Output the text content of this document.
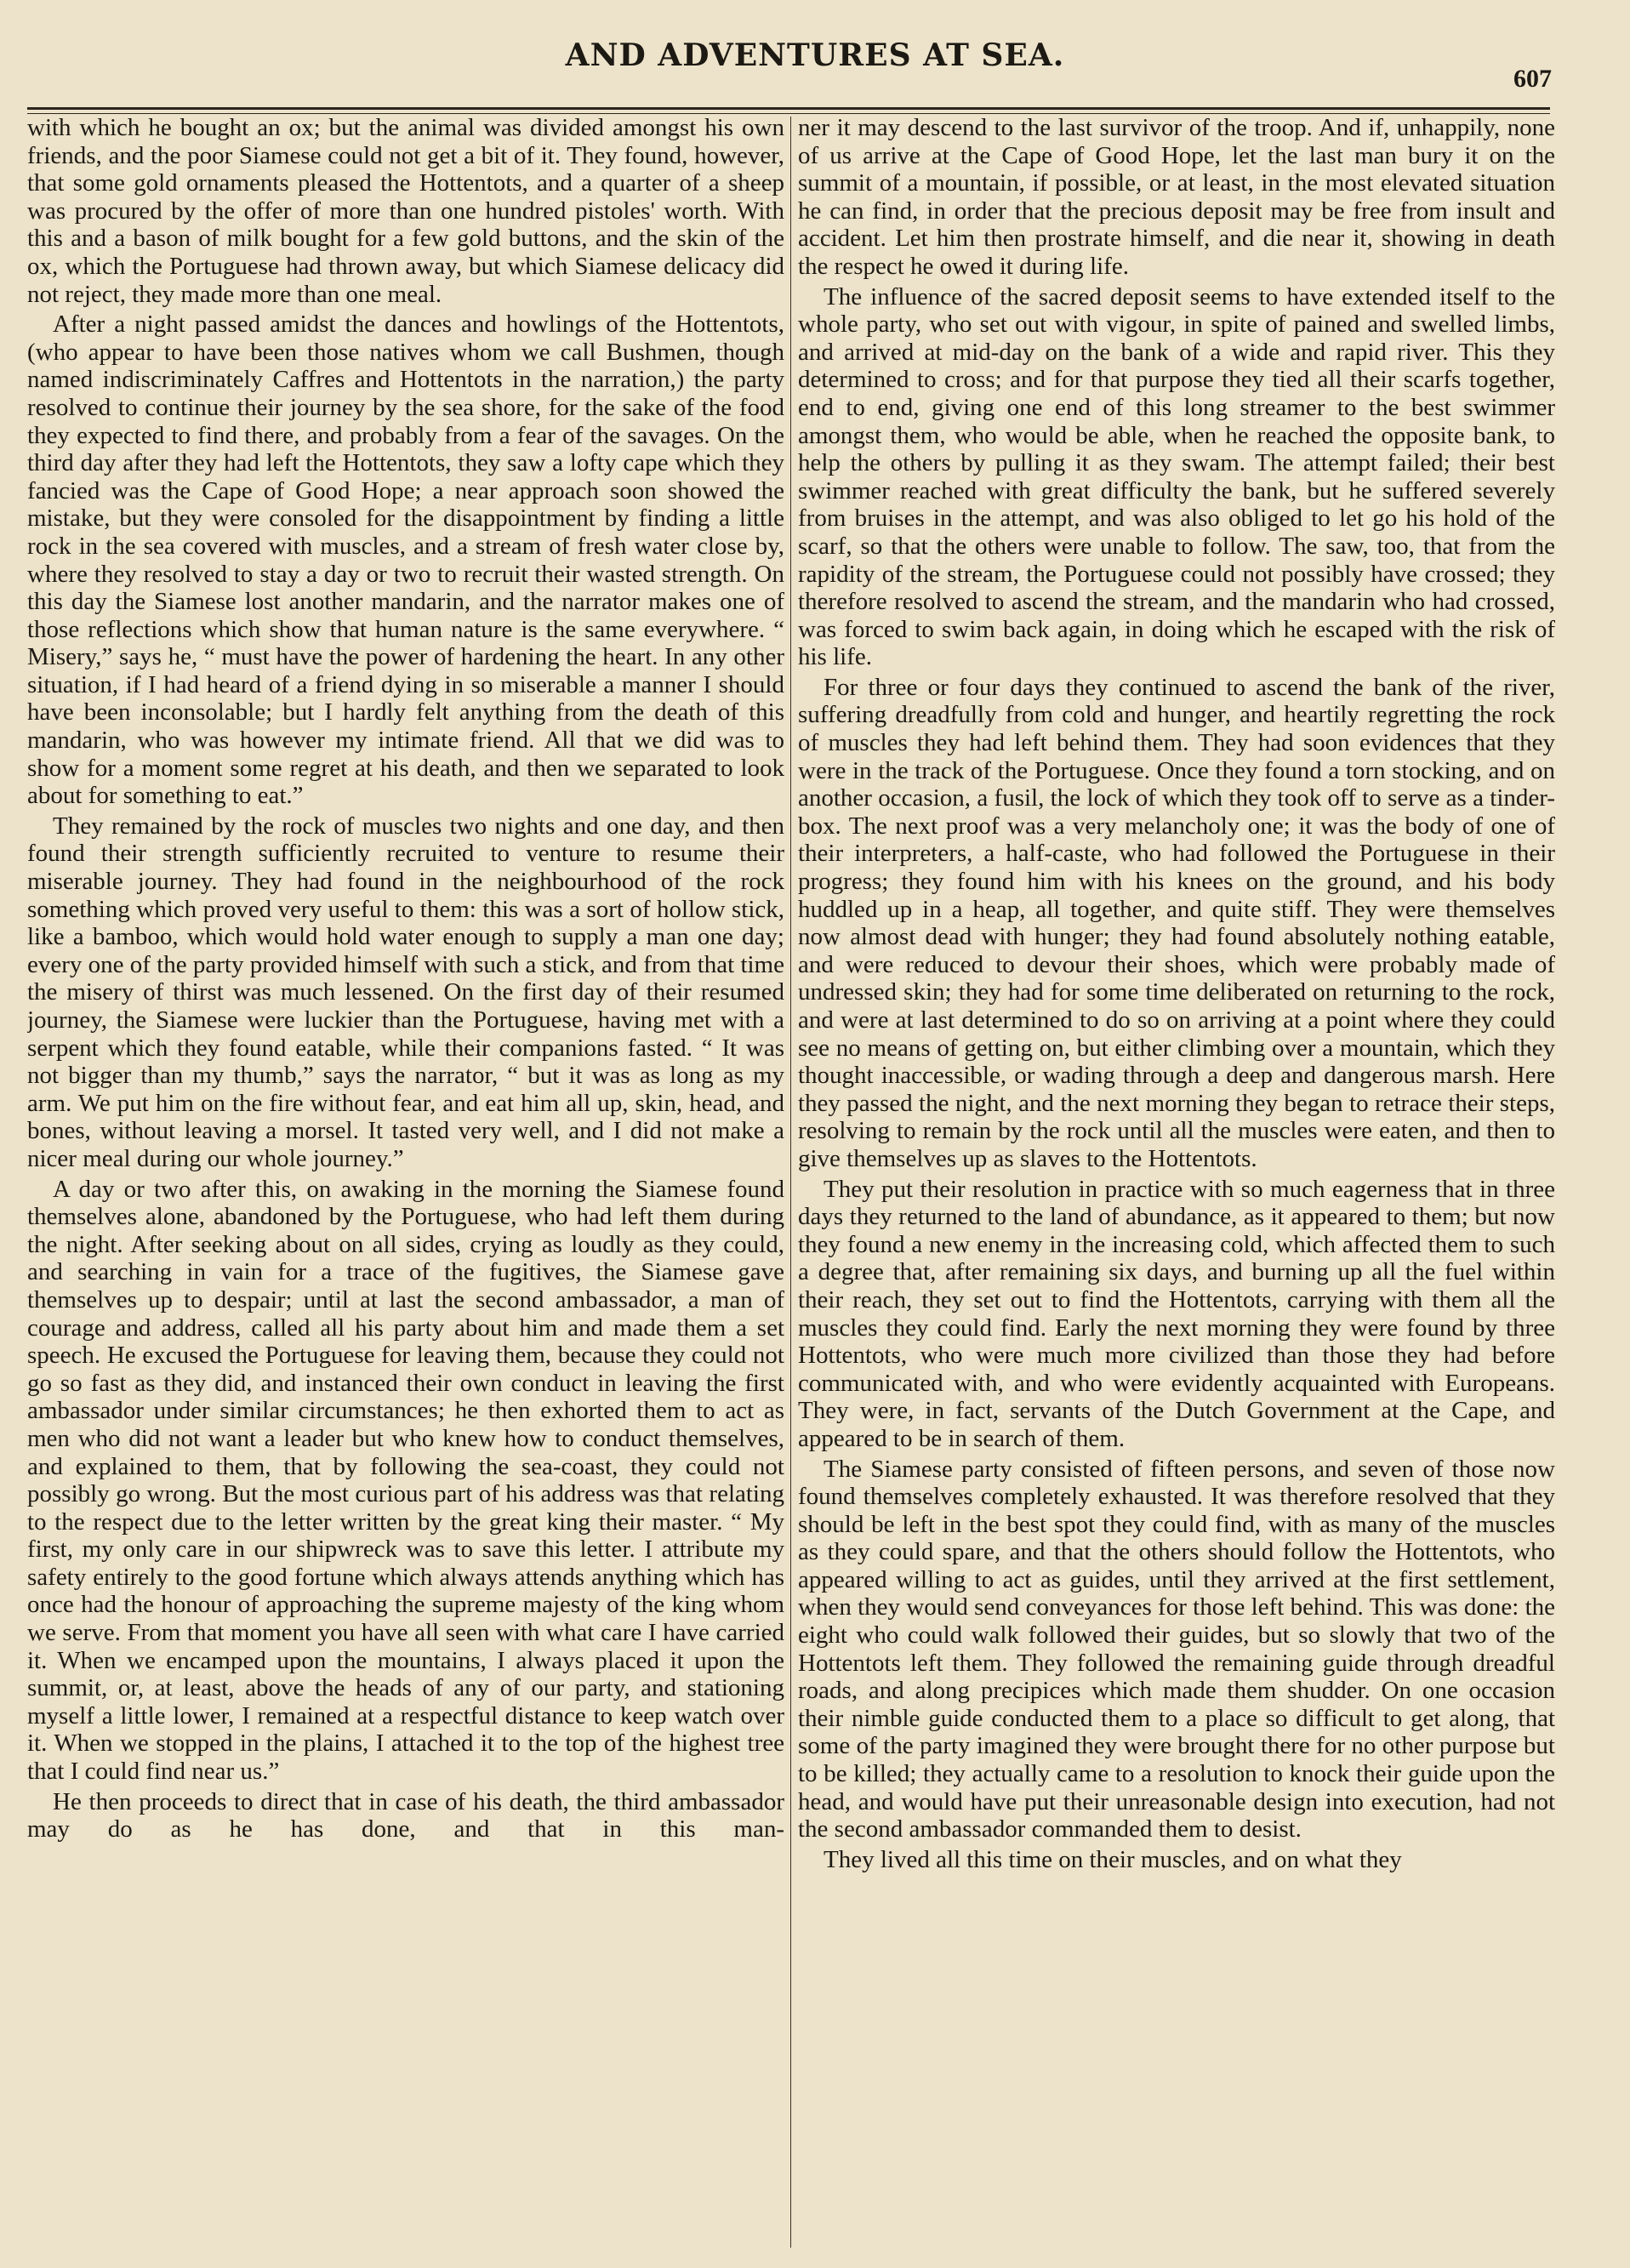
AND ADVENTURES AT SEA.
607

with which he bought an ox; but the animal was divided amongst his own friends, and the poor Siamese could not get a bit of it. They found, however, that some gold ornaments pleased the Hottentots, and a quarter of a sheep was procured by the offer of more than one hundred pistoles' worth. With this and a bason of milk bought for a few gold buttons, and the skin of the ox, which the Portuguese had thrown away, but which Siamese delicacy did not reject, they made more than one meal.

After a night passed amidst the dances and howlings of the Hottentots, (who appear to have been those natives whom we call Bushmen, though named indiscriminately Caffres and Hottentots in the narration,) the party resolved to continue their journey by the sea shore, for the sake of the food they expected to find there, and probably from a fear of the savages. On the third day after they had left the Hottentots, they saw a lofty cape which they fancied was the Cape of Good Hope; a near approach soon showed the mistake, but they were consoled for the disappointment by finding a little rock in the sea covered with muscles, and a stream of fresh water close by, where they resolved to stay a day or two to recruit their wasted strength. On this day the Siamese lost another mandarin, and the narrator makes one of those reflections which show that human nature is the same everywhere. “ Misery,” says he, “ must have the power of hardening the heart. In any other situation, if I had heard of a friend dying in so miserable a manner I should have been inconsolable; but I hardly felt anything from the death of this mandarin, who was however my intimate friend. All that we did was to show for a moment some regret at his death, and then we separated to look about for something to eat.”

They remained by the rock of muscles two nights and one day, and then found their strength sufficiently recruited to venture to resume their miserable journey. They had found in the neighbourhood of the rock something which proved very useful to them: this was a sort of hollow stick, like a bamboo, which would hold water enough to supply a man one day; every one of the party provided himself with such a stick, and from that time the misery of thirst was much lessened. On the first day of their resumed journey, the Siamese were luckier than the Portuguese, having met with a serpent which they found eatable, while their companions fasted. “ It was not bigger than my thumb,” says the narrator, “ but it was as long as my arm. We put him on the fire without fear, and eat him all up, skin, head, and bones, without leaving a morsel. It tasted very well, and I did not make a nicer meal during our whole journey.”

A day or two after this, on awaking in the morning the Siamese found themselves alone, abandoned by the Portuguese, who had left them during the night. After seeking about on all sides, crying as loudly as they could, and searching in vain for a trace of the fugitives, the Siamese gave themselves up to despair; until at last the second ambassador, a man of courage and address, called all his party about him and made them a set speech. He excused the Portuguese for leaving them, because they could not go so fast as they did, and instanced their own conduct in leaving the first ambassador under similar circumstances; he then exhorted them to act as men who did not want a leader but who knew how to conduct themselves, and explained to them, that by following the sea-coast, they could not possibly go wrong. But the most curious part of his address was that relating to the respect due to the letter written by the great king their master. “ My first, my only care in our shipwreck was to save this letter. I attribute my safety entirely to the good fortune which always attends anything which has once had the honour of approaching the supreme majesty of the king whom we serve. From that moment you have all seen with what care I have carried it. When we encamped upon the mountains, I always placed it upon the summit, or, at least, above the heads of any of our party, and stationing myself a little lower, I remained at a respectful distance to keep watch over it. When we stopped in the plains, I attached it to the top of the highest tree that I could find near us.”

He then proceeds to direct that in case of his death, the third ambassador may do as he has done, and that in this man-

ner it may descend to the last survivor of the troop. And if, unhappily, none of us arrive at the Cape of Good Hope, let the last man bury it on the summit of a mountain, if possible, or at least, in the most elevated situation he can find, in order that the precious deposit may be free from insult and accident. Let him then prostrate himself, and die near it, showing in death the respect he owed it during life.

The influence of the sacred deposit seems to have extended itself to the whole party, who set out with vigour, in spite of pained and swelled limbs, and arrived at mid-day on the bank of a wide and rapid river. This they determined to cross; and for that purpose they tied all their scarfs together, end to end, giving one end of this long streamer to the best swimmer amongst them, who would be able, when he reached the opposite bank, to help the others by pulling it as they swam. The attempt failed; their best swimmer reached with great difficulty the bank, but he suffered severely from bruises in the attempt, and was also obliged to let go his hold of the scarf, so that the others were unable to follow. The saw, too, that from the rapidity of the stream, the Portuguese could not possibly have crossed; they therefore resolved to ascend the stream, and the mandarin who had crossed, was forced to swim back again, in doing which he escaped with the risk of his life.

For three or four days they continued to ascend the bank of the river, suffering dreadfully from cold and hunger, and heartily regretting the rock of muscles they had left behind them. They had soon evidences that they were in the track of the Portuguese. Once they found a torn stocking, and on another occasion, a fusil, the lock of which they took off to serve as a tinder-box. The next proof was a very melancholy one; it was the body of one of their interpreters, a half-caste, who had followed the Portuguese in their progress; they found him with his knees on the ground, and his body huddled up in a heap, all together, and quite stiff. They were themselves now almost dead with hunger; they had found absolutely nothing eatable, and were reduced to devour their shoes, which were probably made of undressed skin; they had for some time deliberated on returning to the rock, and were at last determined to do so on arriving at a point where they could see no means of getting on, but either climbing over a mountain, which they thought inaccessible, or wading through a deep and dangerous marsh. Here they passed the night, and the next morning they began to retrace their steps, resolving to remain by the rock until all the muscles were eaten, and then to give themselves up as slaves to the Hottentots.

They put their resolution in practice with so much eagerness that in three days they returned to the land of abundance, as it appeared to them; but now they found a new enemy in the increasing cold, which affected them to such a degree that, after remaining six days, and burning up all the fuel within their reach, they set out to find the Hottentots, carrying with them all the muscles they could find. Early the next morning they were found by three Hottentots, who were much more civilized than those they had before communicated with, and who were evidently acquainted with Europeans. They were, in fact, servants of the Dutch Government at the Cape, and appeared to be in search of them.

The Siamese party consisted of fifteen persons, and seven of those now found themselves completely exhausted. It was therefore resolved that they should be left in the best spot they could find, with as many of the muscles as they could spare, and that the others should follow the Hottentots, who appeared willing to act as guides, until they arrived at the first settlement, when they would send conveyances for those left behind. This was done: the eight who could walk followed their guides, but so slowly that two of the Hottentots left them. They followed the remaining guide through dreadful roads, and along precipices which made them shudder. On one occasion their nimble guide conducted them to a place so difficult to get along, that some of the party imagined they were brought there for no other purpose but to be killed; they actually came to a resolution to knock their guide upon the head, and would have put their unreasonable design into execution, had not the second ambassador commanded them to desist.

They lived all this time on their muscles, and on what they
